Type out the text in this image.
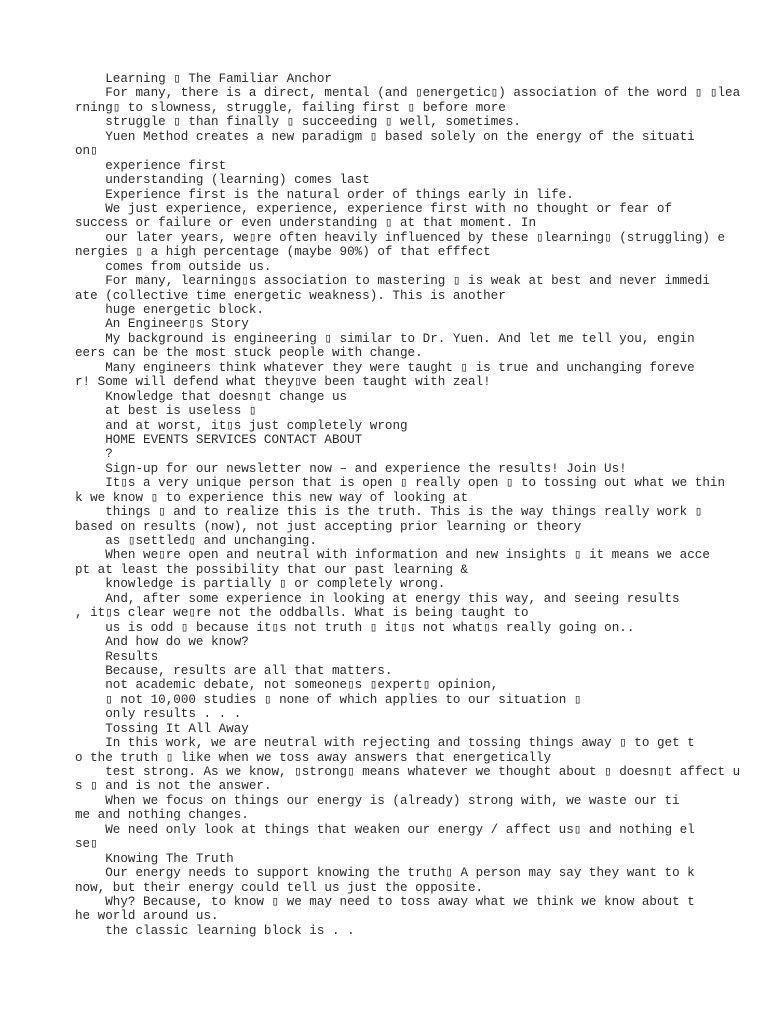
Learning ▯ The Familiar Anchor
For many, there is a direct, mental (and ▯energetic▯) association of the word ▯ ▯lea
rning▯ to slowness, struggle, failing first ▯ before more
struggle ▯ than finally ▯ succeeding ▯ well, sometimes.
Yuen Method creates a new paradigm ▯ based solely on the energy of the situati
on▯
experience first
understanding (learning) comes last
Experience first is the natural order of things early in life.
We just experience, experience, experience first with no thought or fear of
success or failure or even understanding ▯ at that moment. In
our later years, we▯re often heavily influenced by these ▯learning▯ (struggling) e
nergies ▯ a high percentage (maybe 90%) of that efffect
comes from outside us.
For many, learning▯s association to mastering ▯ is weak at best and never immedi
ate (collective time energetic weakness). This is another
huge energetic block.
An Engineer▯s Story
My background is engineering ▯ similar to Dr. Yuen. And let me tell you, engin
eers can be the most stuck people with change.
Many engineers think whatever they were taught ▯ is true and unchanging foreve
r! Some will defend what they▯ve been taught with zeal!
Knowledge that doesn▯t change us
at best is useless ▯
and at worst, it▯s just completely wrong
HOME EVENTS SERVICES CONTACT ABOUT
?
Sign-up for our newsletter now – and experience the results! Join Us!
It▯s a very unique person that is open ▯ really open ▯ to tossing out what we thin
k we know ▯ to experience this new way of looking at
things ▯ and to realize this is the truth. This is the way things really work ▯
based on results (now), not just accepting prior learning or theory
as ▯settled▯ and unchanging.
When we▯re open and neutral with information and new insights ▯ it means we acce
pt at least the possibility that our past learning &
knowledge is partially ▯ or completely wrong.
And, after some experience in looking at energy this way, and seeing results
, it▯s clear we▯re not the oddballs. What is being taught to
us is odd ▯ because it▯s not truth ▯ it▯s not what▯s really going on..
And how do we know?
Results
Because, results are all that matters.
not academic debate, not someone▯s ▯expert▯ opinion,
▯ not 10,000 studies ▯ none of which applies to our situation ▯
only results . . .
Tossing It All Away
In this work, we are neutral with rejecting and tossing things away ▯ to get t
o the truth ▯ like when we toss away answers that energetically
test strong. As we know, ▯strong▯ means whatever we thought about ▯ doesn▯t affect u
s ▯ and is not the answer.
When we focus on things our energy is (already) strong with, we waste our ti
me and nothing changes.
We need only look at things that weaken our energy / affect us▯ and nothing el
se▯
Knowing The Truth
Our energy needs to support knowing the truth▯ A person may say they want to k
now, but their energy could tell us just the opposite.
Why? Because, to know ▯ we may need to toss away what we think we know about t
he world around us.
the classic learning block is . .
